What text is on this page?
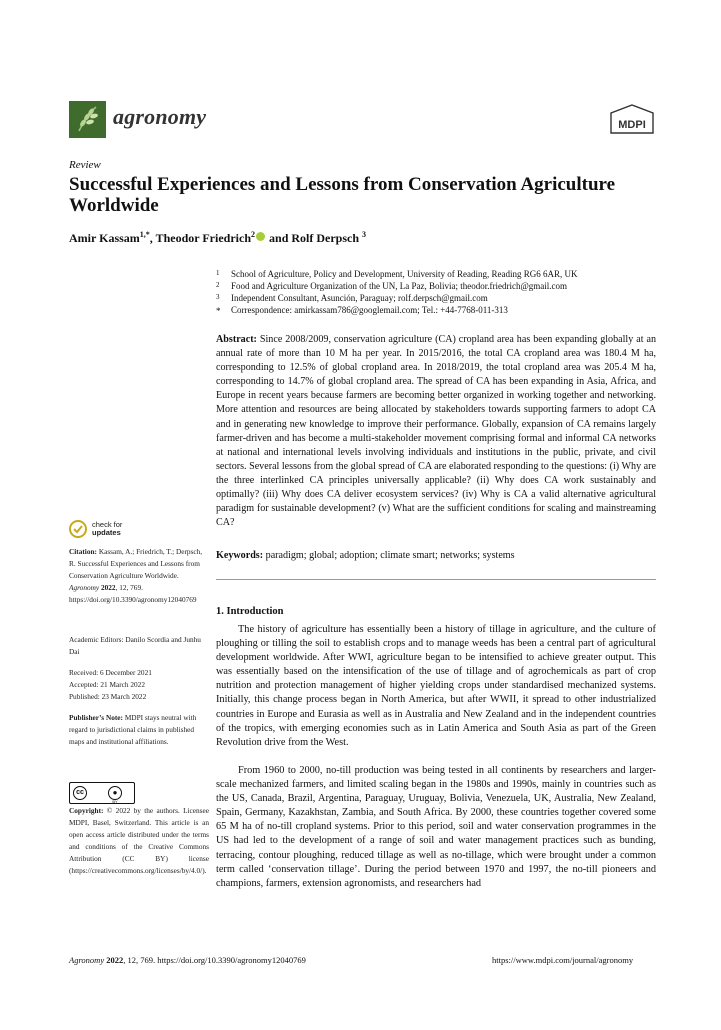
agronomy	MDPI
Review
Successful Experiences and Lessons from Conservation Agriculture Worldwide
Amir Kassam$^{1,*}$, Theodor Friedrich$^2$ and Rolf Derpsch $^3$
1 School of Agriculture, Policy and Development, University of Reading, Reading RG6 6AR, UK
2 Food and Agriculture Organization of the UN, La Paz, Bolivia; theodor.friedrich@gmail.com
3 Independent Consultant, Asunción, Paraguay; rolf.derpsch@gmail.com
* Correspondence: amirkassam786@googlemail.com; Tel.: +44-7768-011-313
Abstract: Since 2008/2009, conservation agriculture (CA) cropland area has been expanding globally at an annual rate of more than 10 M ha per year. In 2015/2016, the total CA cropland area was 180.4 M ha, corresponding to 12.5% of global cropland area. In 2018/2019, the total cropland area was 205.4 M ha, corresponding to 14.7% of global cropland area. The spread of CA has been expanding in Asia, Africa, and Europe in recent years because farmers are becoming better organized in working together and networking. More attention and resources are being allocated by stakeholders towards supporting farmers to adopt CA and in generating new knowledge to improve their performance. Globally, expansion of CA remains largely farmer-driven and has become a multi-stakeholder movement comprising formal and informal CA networks at national and international levels involving individuals and institutions in the public, private, and civil sectors. Several lessons from the global spread of CA are elaborated responding to the questions: (i) Why are the three interlinked CA principles universally applicable? (ii) Why does CA work sustainably and optimally? (iii) Why does CA deliver ecosystem services? (iv) Why is CA a valid alternative agricultural paradigm for sustainable development? (v) What are the sufficient conditions for scaling and mainstreaming CA?
Keywords: paradigm; global; adoption; climate smart; networks; systems
1. Introduction
The history of agriculture has essentially been a history of tillage in agriculture, and the culture of ploughing or tilling the soil to establish crops and to manage weeds has been a central part of agricultural development worldwide. After WWI, agriculture began to be intensified to achieve greater output. This was essentially based on the intensification of the use of tillage and of agrochemicals as part of crop nutrition and protection management of higher yielding crops under standardised mechanized systems. Initially, this change process began in North America, but after WWII, it spread to other industrialized countries in Europe and Eurasia as well as in Australia and New Zealand and in the independent countries of the tropics, with emerging economies such as in Latin America and South Asia as part of the Green Revolution drive from the West.
From 1960 to 2000, no-till production was being tested in all continents by researchers and larger-scale mechanized farmers, and limited scaling began in the 1980s and 1990s, mainly in countries such as the US, Canada, Brazil, Argentina, Paraguay, Uruguay, Bolivia, Venezuela, UK, Australia, New Zealand, Spain, Germany, Kazakhstan, Zambia, and South Africa. By 2000, these countries together covered some 65 M ha of no-till cropland systems. Prior to this period, soil and water conservation programmes in the US had led to the development of a range of soil and water management practices such as bunding, terracing, contour ploughing, reduced tillage as well as no-tillage, which were brought under a common term called ‘conservation tillage’. During the period between 1970 and 1997, the no-till pioneers and champions, farmers, extension agronomists, and researchers had
check for
updates
Citation: Kassam, A.; Friedrich, T.; Derpsch, R. Successful Experiences and Lessons from Conservation Agriculture Worldwide. Agronomy 2022, 12, 769. https://doi.org/10.3390/agronomy12040769
Academic Editors: Danilo Scordia and Junhu Dai
Received: 6 December 2021
Accepted: 21 March 2022
Published: 23 March 2022
Publisher’s Note: MDPI stays neutral with regard to jurisdictional claims in published maps and institutional affiliations.
cc	●
BY
Copyright: © 2022 by the authors. Licensee MDPI, Basel, Switzerland. This article is an open access article distributed under the terms and conditions of the Creative Commons Attribution (CC BY) license (https://creativecommons.org/licenses/by/4.0/).
Agronomy 2022, 12, 769. https://doi.org/10.3390/agronomy12040769	https://www.mdpi.com/journal/agronomy
